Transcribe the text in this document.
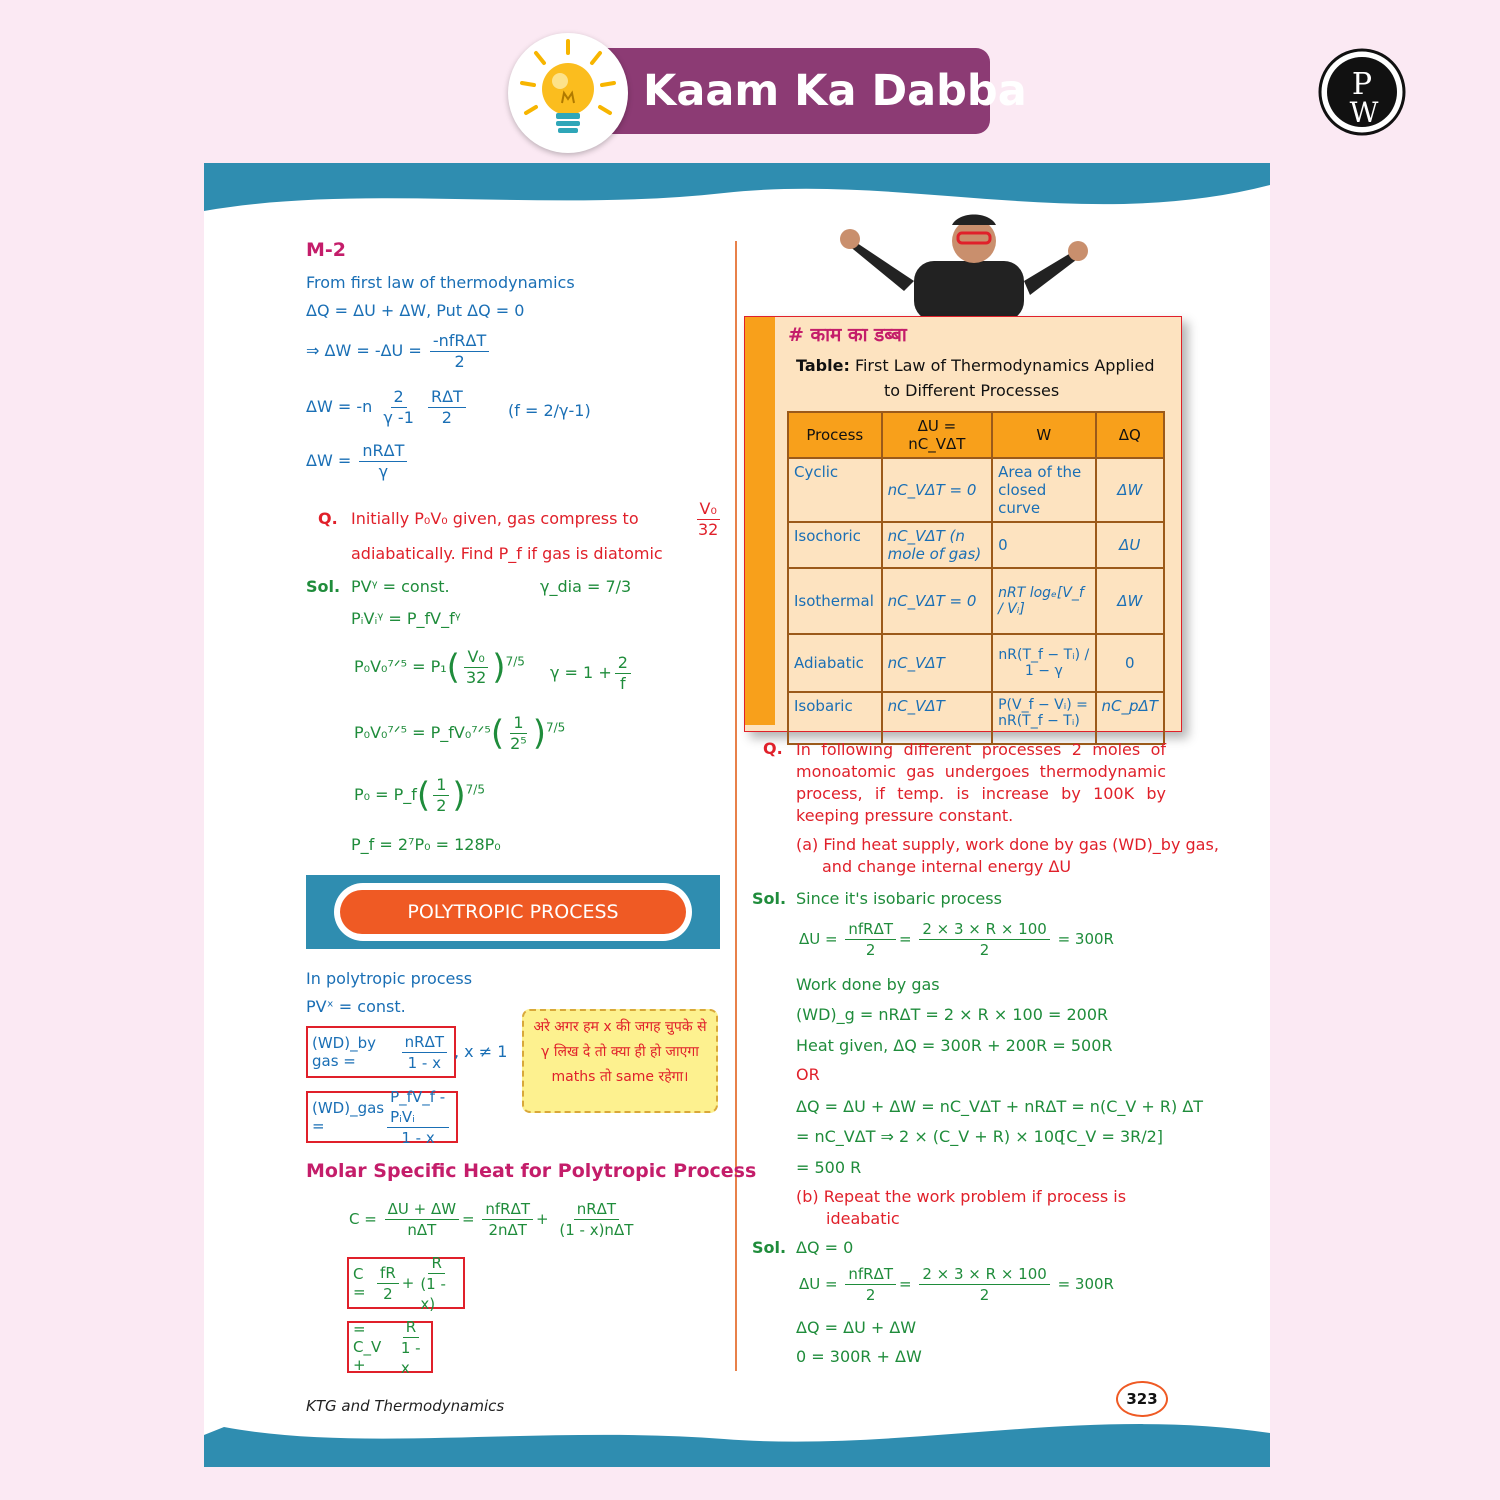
Kaam Ka Dabba	P
W
M-2
From first law of thermodynamics
ΔQ = ΔU + ΔW, Put ΔQ = 0
⇒ $\Delta W = -\Delta U = \frac{\text{-nfRΔT}}{2}$
$\Delta W = -n \frac{2}{\gamma -1}$
$\frac{\text{RΔT}}{2}$	(f = 2/γ-1)
$\Delta W = \frac{\text{nRΔT}}{\gamma}$
Q. Initially P₀V₀ given, gas compress to	$\frac{\text{V₀}}{32}$
adiabatically. Find P_f if gas is diatomic
Sol. PVᵞ = const.	γ_dia = 7/3
PᵢVᵢᵞ = P_fV_fᵞ
P₀V₀⁷ᐟ⁵ = $P_1( \frac{\text{V₀}}{32} )^{7/5}$
$\gamma = 1 + \frac{2}{f}$
P₀V₀⁷ᐟ⁵ = P_fV₀⁷ᐟ⁵( $\frac{1}{\text{2⁵}} )^{7/5}$
P₀ = P_f( $\frac{1}{2} )^{7/5}$
P_f = 2⁷P₀ = 128P₀
POLYTROPIC PROCESS
In polytropic process
PVˣ = const.
(WD)_by gas =	$\frac{\text{nRΔT}}{1 - x}$ , x ≠ 1
(WD)_gas =	$\frac{\text{P\_fV\_f - PᵢVᵢ}}{1 - x}$
अरे अगर हम x की जगह चुपके से γ लिख दे तो क्या ही हो जाएगा maths तो same रहेगा।
Molar Specific Heat for Polytropic Process
$C = \frac{\Delta U + \Delta W}{\text{nΔT}} = \frac{\text{nfRΔT}}{\text{2nΔT}} + \frac{\text{nRΔT}}{\text{(1 - x)nΔT}}$
$C = \frac{fR}{2} + \frac{R}{(1 - x)}$
= C_V +	$\frac{R}{1 - x}$
KTG and Thermodynamics
# काम का डब्बा
Table: First Law of Thermodynamics Applied
to Different Processes
Process	ΔU = nC_VΔT	W	ΔQ
Cyclic	nC_VΔT = 0	Area of the closed curve	ΔW
Isochoric	nC_VΔT (n mole of gas)	0	ΔU
Isothermal	nC_VΔT = 0	nRT logₑ[V_f / Vᵢ]	ΔW
Adiabatic	nC_VΔT	nR(T_f − Tᵢ) / 1 − γ	0
Isobaric	nC_VΔT	P(V_f − Vᵢ) = nR(T_f − Tᵢ)	nC_pΔT
Q. In following different processes 2 moles of monoatomic gas undergoes thermodynamic process, if temp. is increase by 100K by keeping pressure constant.
(a) Find heat supply, work done by gas (WD)_by gas,
and change internal energy ΔU
Sol. Since it's isobaric process
$\Delta U = \frac{\text{nfRΔT}}{2} = \frac{2 \times 3 \times R \times 100}{2} = 300R$
Work done by gas
(WD)_g = nRΔT = 2 × R × 100 = 200R
Heat given, ΔQ = 300R + 200R = 500R
OR
ΔQ = ΔU + ΔW = nC_VΔT + nRΔT = n(C_V + R) ΔT
= nC_VΔT ⇒ 2 × (C_V + R) × 100
[C_V = 3R/2]
= 500 R
(b) Repeat the work problem if process is
ideabatic
Sol. ΔQ = 0
$\Delta U = \frac{\text{nfRΔT}}{2} = \frac{2 \times 3 \times R \times 100}{2} = 300R$
ΔQ = ΔU + ΔW
0 = 300R + ΔW
323
